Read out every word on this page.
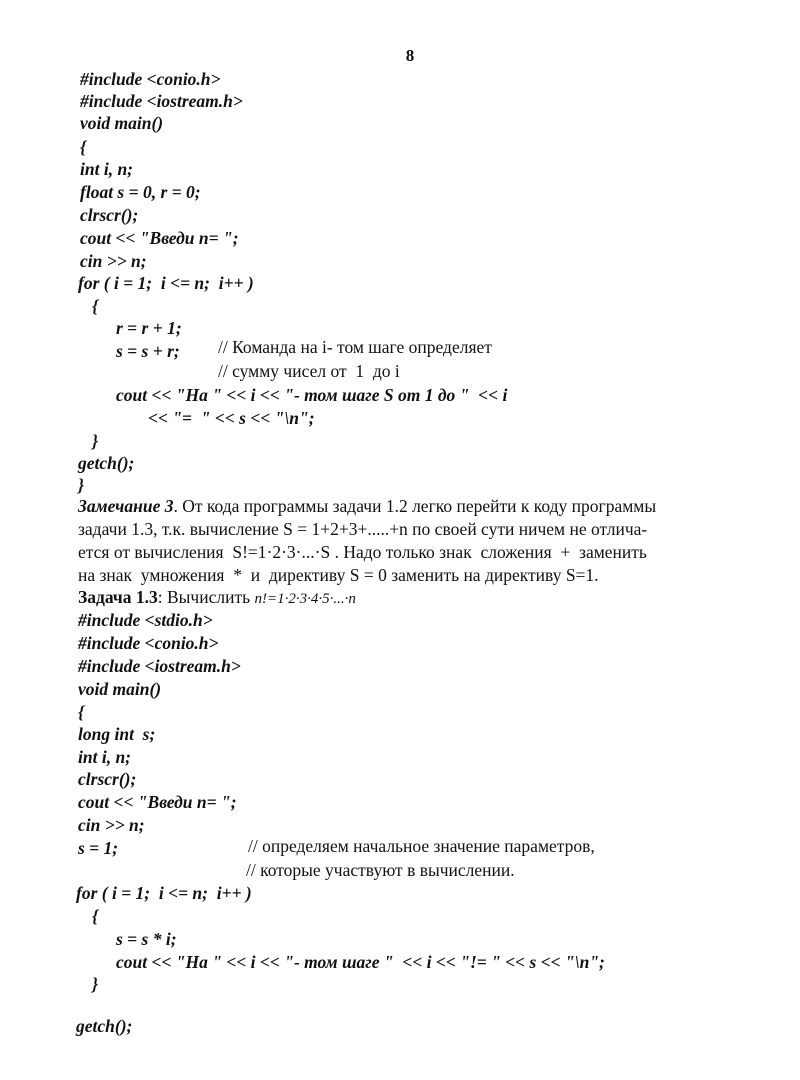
8
#include <conio.h>
#include <iostream.h>
void main()
{
int i, n;
float s = 0, r = 0;
clrscr();
cout << "Введи n= ";
cin >> n;
for ( i = 1;  i <= n;  i++ )
{
r = r + 1;
s = s + r; // Команда на i- том шаге определяет
// сумму чисел от  1  до i
cout << "На " << i << "- том шаге S от 1 до "  << i
<< "=  " << s << "\n";
}
getch();
}
Замечание 3. От кода программы задачи 1.2 легко перейти к коду программы
задачи 1.3, т.к. вычисление S = 1+2+3+.....+n по своей сути ничем не отлича-
ется от вычисления  S!=1·2·3·...·S . Надо только знак  сложения  +  заменить
на знак  умножения  *  и  директиву S = 0 заменить на директиву S=1.
Задача 1.3: Вычислить n!=1·2·3·4·5·...·n
#include <stdio.h>
#include <conio.h>
#include <iostream.h>
void main()
{
long int  s;
int i, n;
clrscr();
cout << "Введи n= ";
cin >> n;
s = 1;	// определяем начальное значение параметров,
// которые участвуют в вычислении.
for ( i = 1;  i <= n;  i++ )
{
s = s * i;
cout << "На " << i << "- том шаге "  << i << "!= " << s << "\n";
}
getch();
